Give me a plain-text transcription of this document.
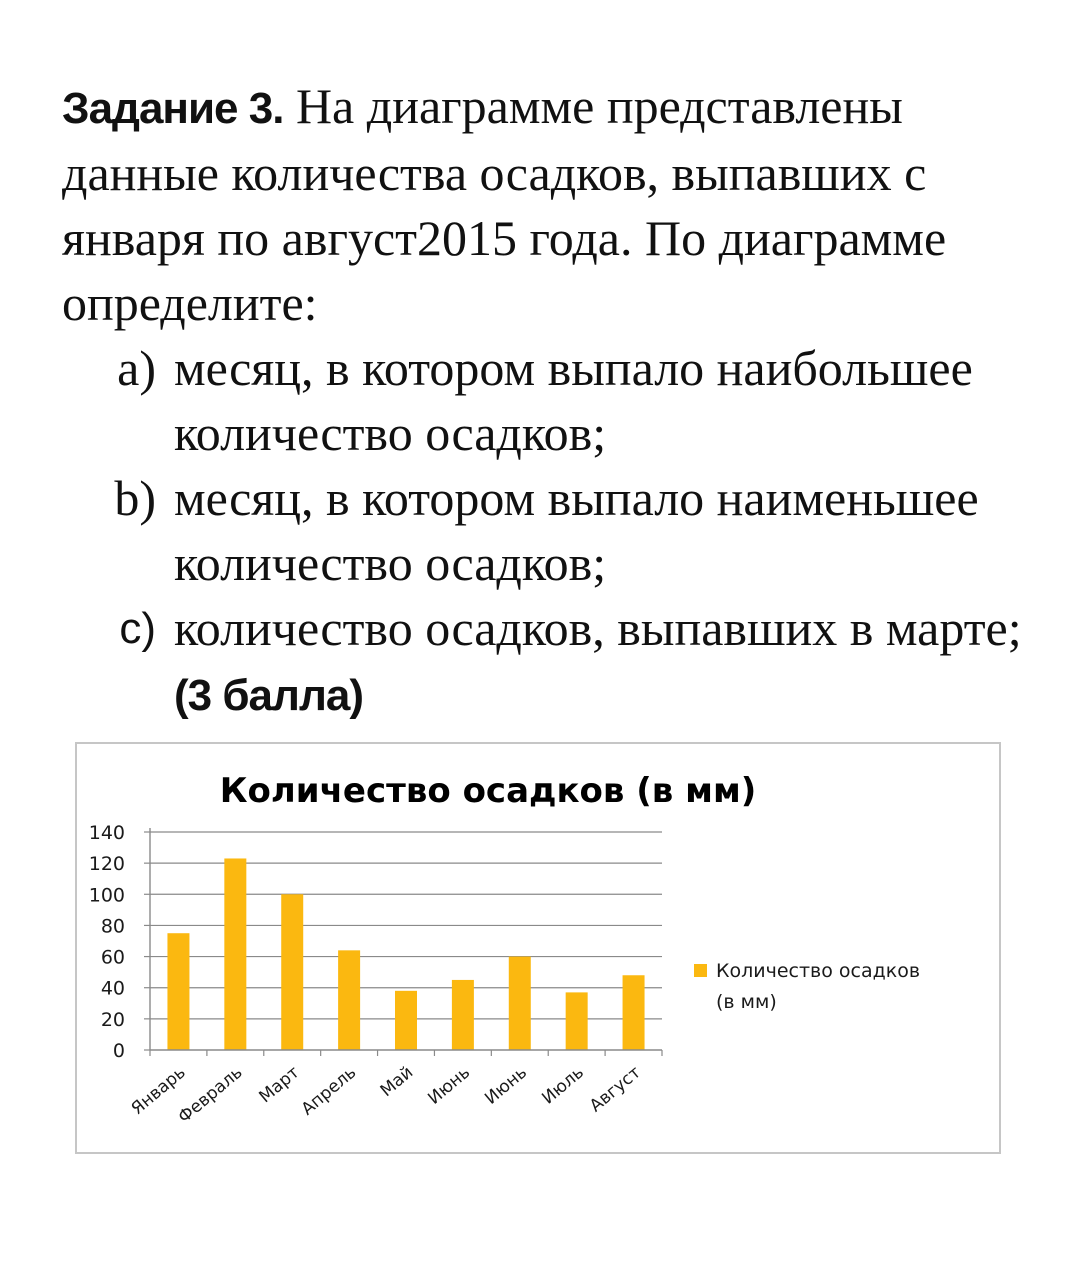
Задание 3. На диаграмме представлены данные количества осадков, выпавших с января по август2015 года. По диаграмме определите:

a) месяц, в котором выпало наибольшее количество осадков;
b) месяц, в котором выпало наименьшее количество осадков;
c) количество осадков, выпавших в марте;(3 балла)
Количество осадков (в мм)
0
20
40
60
80
100
120
140
Январь
Февраль Март
Апрель Май Июнь Июнь Июль
Август
Количество осадков
(в мм)
